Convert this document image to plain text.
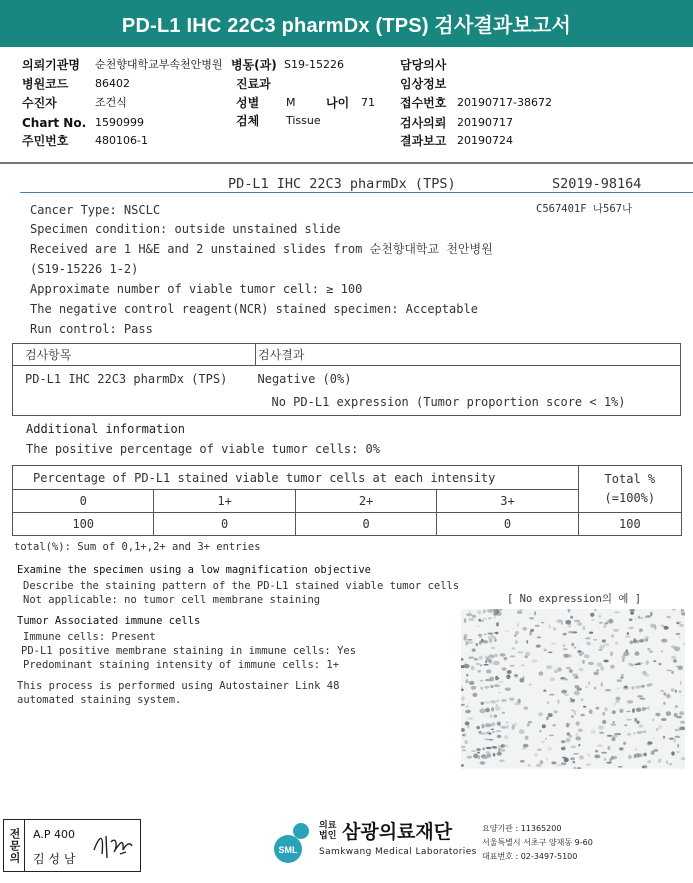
PD-L1 IHC 22C3 pharmDx (TPS) 검사결과보고서
의뢰기관명 순천향대학교부속천안병원 병동(과) S19-15226	담당의사
병원코드 86402	진료과	임상정보
수진자	조건식	성별 M	나이 71 접수번호 20190717-38672
Chart No. 1590999	검체 Tissue	검사의뢰 20190717
주민번호 480106-1	결과보고 20190724
PD-L1 IHC 22C3 pharmDx (TPS)	S2019-98164
C567401F 나567나
Cancer Type: NSCLC
Specimen condition: outside unstained slide
Received are 1 H&E and 2 unstained slides from 순천향대학교 천안병원
(S19-15226 1-2)
Approximate number of viable tumor cell: ≥ 100
The negative control reagent(NCR) stained specimen: Acceptable
Run control: Pass
검사항목	검사결과
PD-L1 IHC 22C3 pharmDx (TPS)	Negative (0%)
No PD-L1 expression (Tumor proportion score < 1%)
Additional information
The positive percentage of viable tumor cells: 0%
Percentage of PD-L1 stained viable tumor cells at each intensity				Total %
(=100%)

0	1+	2+	3+	
100	0	0	0	100
total(%): Sum of 0,1+,2+ and 3+ entries
Examine the specimen using a low magnification objective
Describe the staining pattern of the PD-L1 stained viable tumor cells
Not applicable: no tumor cell membrane staining
Tumor Associated immune cells
Immune cells: Present
PD-L1 positive membrane staining in immune cells: Yes
Predominant staining intensity of immune cells: 1+
This process is performed using Autostainer Link 48
automated staining system.
[ No expression의 예 ]
전문의 A.P 400
김 성 남
SML
의료
법인 삼광의료재단
Samkwang Medical Laboratories
요양기관 : 11365200
서울특별시 서초구 양재동 9-60
대표번호 : 02-3497-5100
